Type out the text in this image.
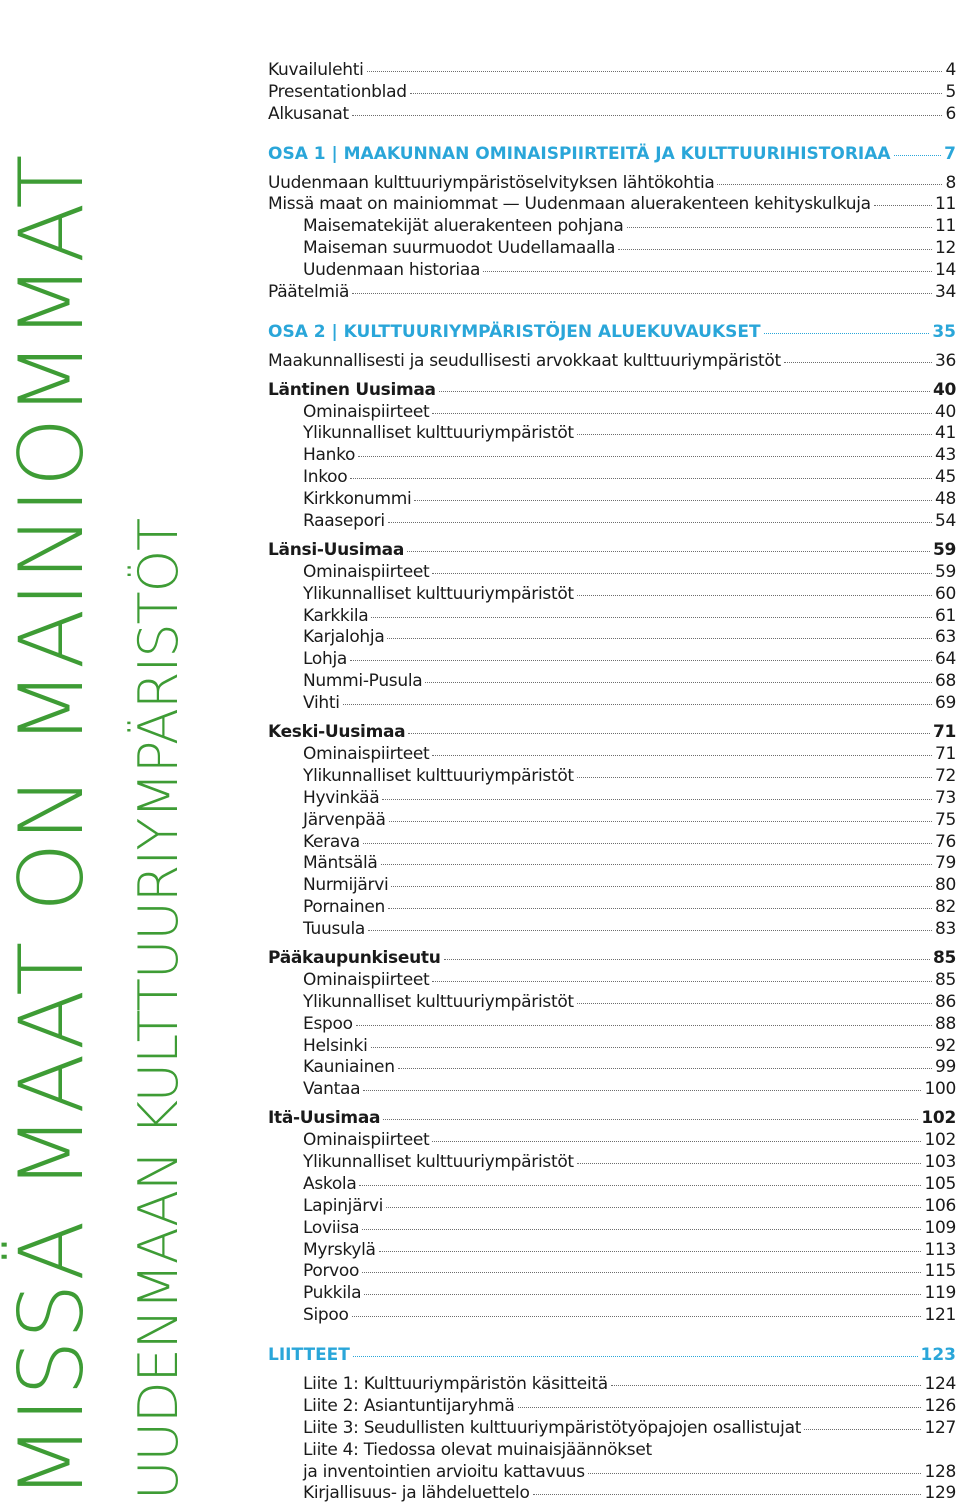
MISSÄ MAAT ON MAINIOMMAT UUDENMAAN KULTTUURIYMPÄRISTÖT
Kuvailulehti	4
Presentationblad	5
Alkusanat	6
OSA 1 | MAAKUNNAN OMINAISPIIRTEITÄ JA KULTTUURIHISTORIAA	7
Uudenmaan kulttuuriympäristöselvityksen lähtökohtia	8
Missä maat on mainiommat — Uudenmaan aluerakenteen kehityskulkuja	11
Maisematekijät aluerakenteen pohjana	11
Maiseman suurmuodot Uudellamaalla	12
Uudenmaan historiaa	14
Päätelmiä	34
OSA 2 | KULTTUURIYMPÄRISTÖJEN ALUEKUVAUKSET	35
Maakunnallisesti ja seudullisesti arvokkaat kulttuuriympäristöt	36
Läntinen Uusimaa	40
Ominaispiirteet	40
Ylikunnalliset kulttuuriympäristöt	41
Hanko	43
Inkoo	45
Kirkkonummi	48
Raasepori	54
Länsi-Uusimaa	59
Ominaispiirteet	59
Ylikunnalliset kulttuuriympäristöt	60
Karkkila	61
Karjalohja	63
Lohja	64
Nummi-Pusula	68
Vihti	69
Keski-Uusimaa	71
Ominaispiirteet	71
Ylikunnalliset kulttuuriympäristöt	72
Hyvinkää	73
Järvenpää	75
Kerava	76
Mäntsälä	79
Nurmijärvi	80
Pornainen	82
Tuusula	83
Pääkaupunkiseutu	85
Ominaispiirteet	85
Ylikunnalliset kulttuuriympäristöt	86
Espoo	88
Helsinki	92
Kauniainen	99
Vantaa	100
Itä-Uusimaa	102
Ominaispiirteet	102
Ylikunnalliset kulttuuriympäristöt	103
Askola	105
Lapinjärvi	106
Loviisa	109
Myrskylä	113
Porvoo	115
Pukkila	119
Sipoo	121
LIITTEET	123
Liite 1: Kulttuuriympäristön käsitteitä	124
Liite 2: Asiantuntijaryhmä	126
Liite 3: Seudullisten kulttuuriympäristötyöpajojen osallistujat	127
Liite 4: Tiedossa olevat muinaisjäännökset
ja inventointien arvioitu kattavuus	128
Kirjallisuus- ja lähdeluettelo	129
